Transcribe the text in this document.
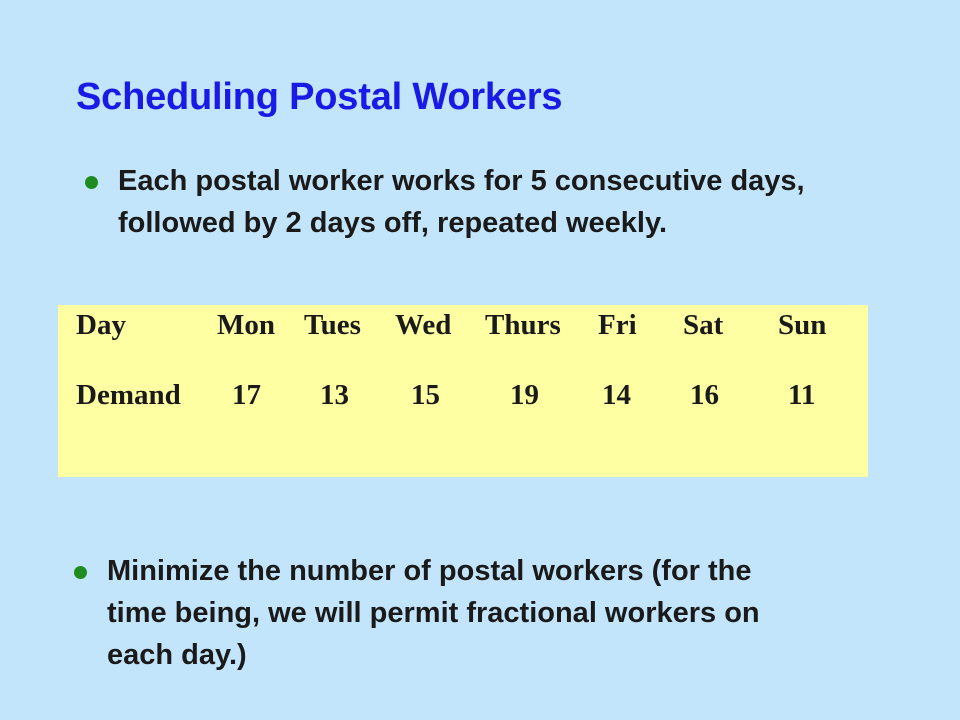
Scheduling Postal Workers
Each postal worker works for 5 consecutive days,
followed by 2 days off, repeated weekly.
Day	Mon Tues Wed Thurs Fri Sat Sun
Demand 17 13 15 19 14 16 11
Minimize the number of postal workers (for the
time being, we will permit fractional workers on
each day.)
